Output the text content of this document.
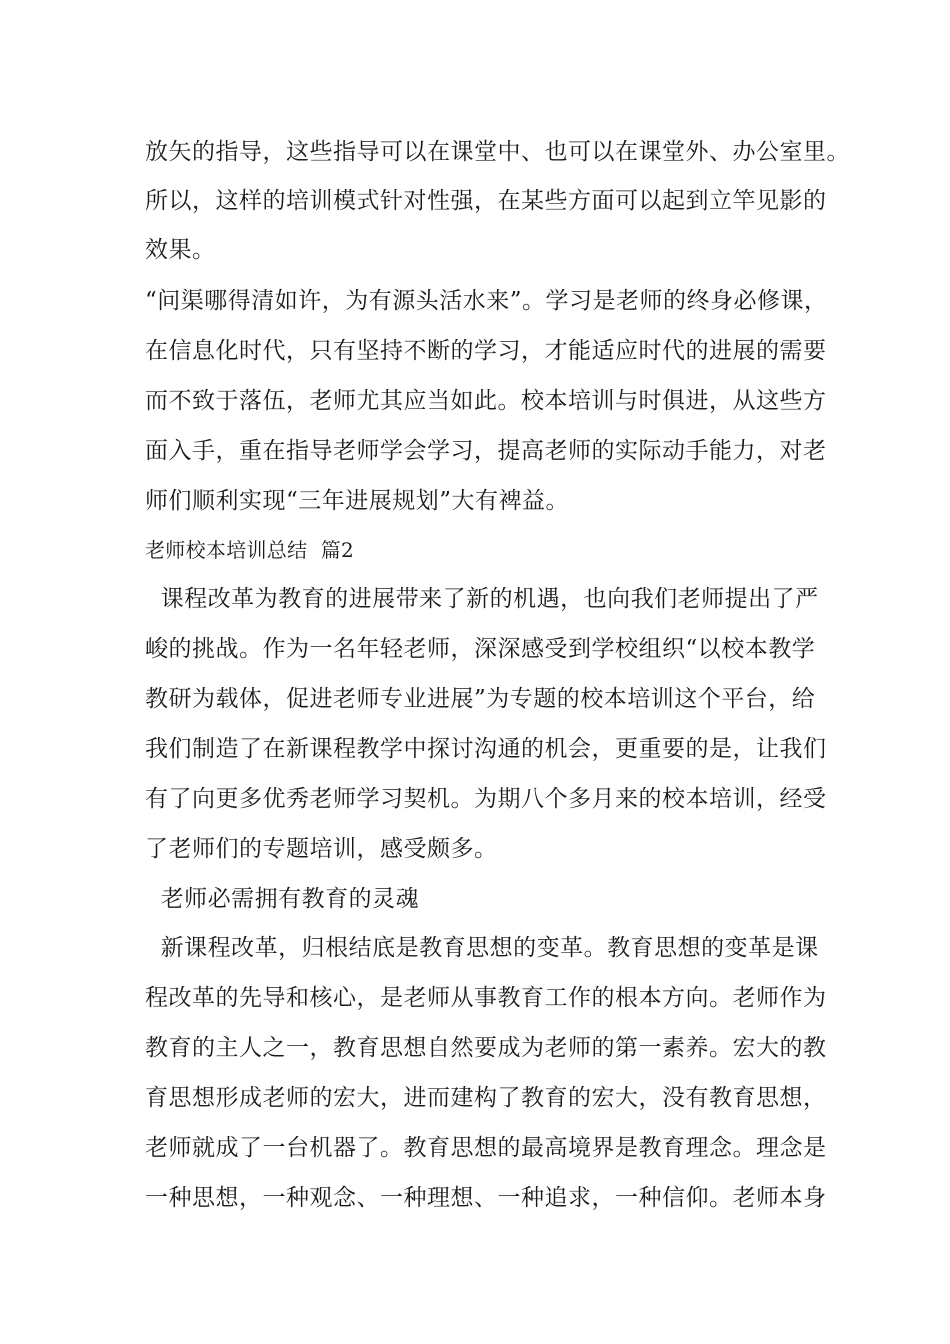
放矢的指导，这些指导可以在课堂中、也可以在课堂外、办公室里。
所以，这样的培训模式针对性强，在某些方面可以起到立竿见影的
效果。
“问渠哪得清如许，为有源头活水来”。学习是老师的终身必修课，
在信息化时代，只有坚持不断的学习，才能适应时代的进展的需要
而不致于落伍，老师尤其应当如此。校本培训与时俱进，从这些方
面入手，重在指导老师学会学习，提高老师的实际动手能力，对老
师们顺利实现“三年进展规划”大有裨益。
老师校本培训总结  篇2
课程改革为教育的进展带来了新的机遇，也向我们老师提出了严
峻的挑战。作为一名年轻老师，深深感受到学校组织“以校本教学
教研为载体，促进老师专业进展”为专题的校本培训这个平台，给
我们制造了在新课程教学中探讨沟通的机会，更重要的是，让我们
有了向更多优秀老师学习契机。为期八个多月来的校本培训，经受
了老师们的专题培训，感受颇多。
老师必需拥有教育的灵魂
新课程改革，归根结底是教育思想的变革。教育思想的变革是课
程改革的先导和核心，是老师从事教育工作的根本方向。老师作为
教育的主人之一，教育思想自然要成为老师的第一素养。宏大的教
育思想形成老师的宏大，进而建构了教育的宏大，没有教育思想，
老师就成了一台机器了。教育思想的最高境界是教育理念。理念是
一种思想，一种观念、一种理想、一种追求，一种信仰。老师本身
